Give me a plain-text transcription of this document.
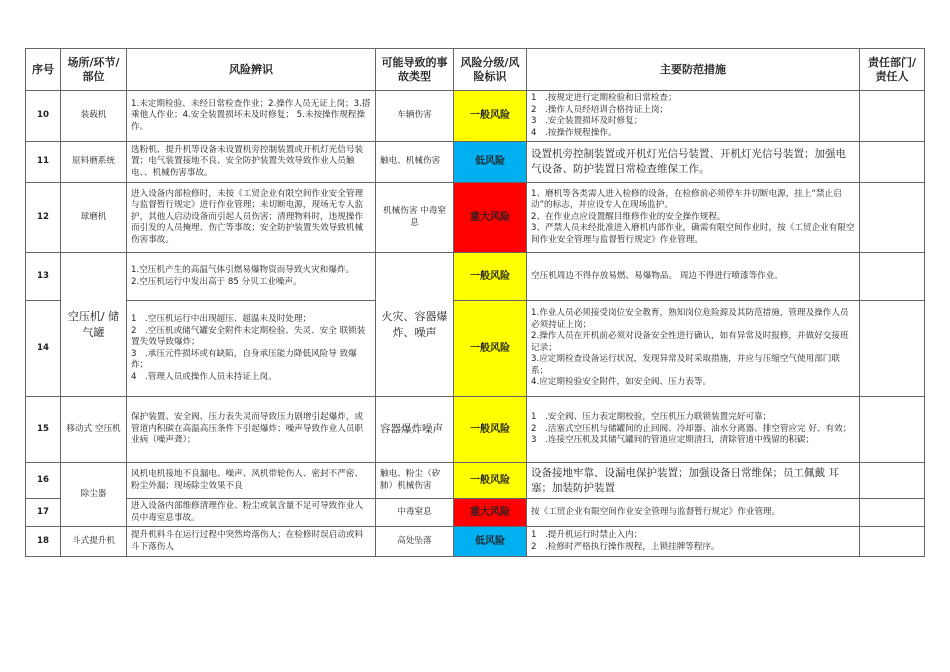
序号	场所/环节/部位	风险辨识	可能导致的事故类型	风险分级/风险标识	主要防范措施	责任部门/责任人
10	装载机	1.未定期检验、未经日常检查作业；2.操作人员无证上岗；3.搭乘他人作业；4.安全装置损坏未及时修复； 5.未按操作规程操作。	车辆伤害	一般风险	1　.按规定进行定期检验和日常检查；
2　.操作人员经培训合格持证上岗；
3　.安全装置损坏及时修复；
4　.按操作规程操作。	
11	原料磨系统	选粉机、提升机等设备未设置机旁控制装置或开机灯光信号装置；电气装置接地不良、安全防护装置失效导致作业人员触电、、机械伤害事故。	触电、机械伤害	低风险	设置机旁控制装置或开机灯光信号装置、开机灯光信号装置；加强电气设备、防护装置日常检查维保工作。	
12	球磨机	进入设备内部检修时，未按《工贸企业有限空间作业安全管理与监督暂行规定》进行作业管理；未切断电源，现场无专人监护，其他人启动设备而引起人员伤害；清理物料时，违规操作而引发的人员掩埋、伤亡等事故；安全防护装置失效导致机械伤害事故。	机械伤害 中毒窒息	重大风险	1、磨机等各类需人进入检修的设备，在检修前必须停车并切断电源，挂上“禁止启动”的标志，并应设专人在现场监护。
2、在作业点应设置醒目维修作业的安全操作规程。
3、严禁人员未经批准进入磨机内部作业，确需有限空间作业时，按《工贸企业有限空间作业安全管理与监督暂行规定》作业管理。	
13	空压机/ 储气罐	1.空压机产生的高温气体引燃易爆物资而导致火灾和爆炸。
2.空压机运行中发出高于 85 分贝工业噪声。	火灾、容器爆炸、噪声	一般风险	空压机周边不得存放易燃、易爆物品。 周边不得进行喷漆等作业。	
14		1　.空压机运行中出现超压、超温未及时处理；
2　.空压机或储气罐安全附件未定期检验、失灵、安全 联锁装置失效导致爆炸；
3　.承压元件损坏或有缺陷，自身承压能力降低风险导 致爆炸；
4　.管理人员或操作人员未持证上岗。		一般风险	1.作业人员必须接受岗位安全教育，熟知岗位危险源及其防范措施，管理及操作人员必须持证上岗；
2.操作人员在开机前必须对设备安全性进行确认，如有异常及时报修，并做好交接班记录；
3.应定期检查设备运行状况，发现异常及时采取措施，并应与压缩空气使用部门联系；
4.应定期检验安全附件，如安全阀、压力表等。	
15	移动式 空压机	保护装置、安全阀、压力表失灵而导致压力剧增引起爆炸，或管道内积碳在高温高压条件下引起爆炸；噪声导致作业人员职业病（噪声聋）；	容器爆炸噪声	一般风险	1　.安全阀、压力表定期校验，空压机压力联锁装置完好可靠；
2　.活塞式空压机与储罐间的止回阀、冷却器、油水分离器、排空管应完 好、有效；
3　.连接空压机及其储气罐间的管道应定期清扫，清除管道中残留的积碳；	
16	除尘器	风机电机接地不良漏电、噪声、风机带轮伤人、密封不严密、粉尘外漏；现场除尘效果不良	触电、粉尘（矽 肺）机械伤害	一般风险	设备接地牢靠、设漏电保护装置；加强设备日常维保；员工佩戴 耳塞；加装防护装置	
17		进入设备内部维修清理作业、粉尘或氧含量不足可导致作业人员中毒室息事故。	中毒窒息	重大风险	按《工贸企业有限空间作业安全管理与监督暂行规定》作业管理。	
18	斗式提升机	提升机料斗在运行过程中突然垮落伤人；在检修时误启动或料斗下落伤人	高处坠落	低风险	1　.提升机运行时禁止入内；
2　.检修时严格执行操作规程，上锁挂牌等程序。	
